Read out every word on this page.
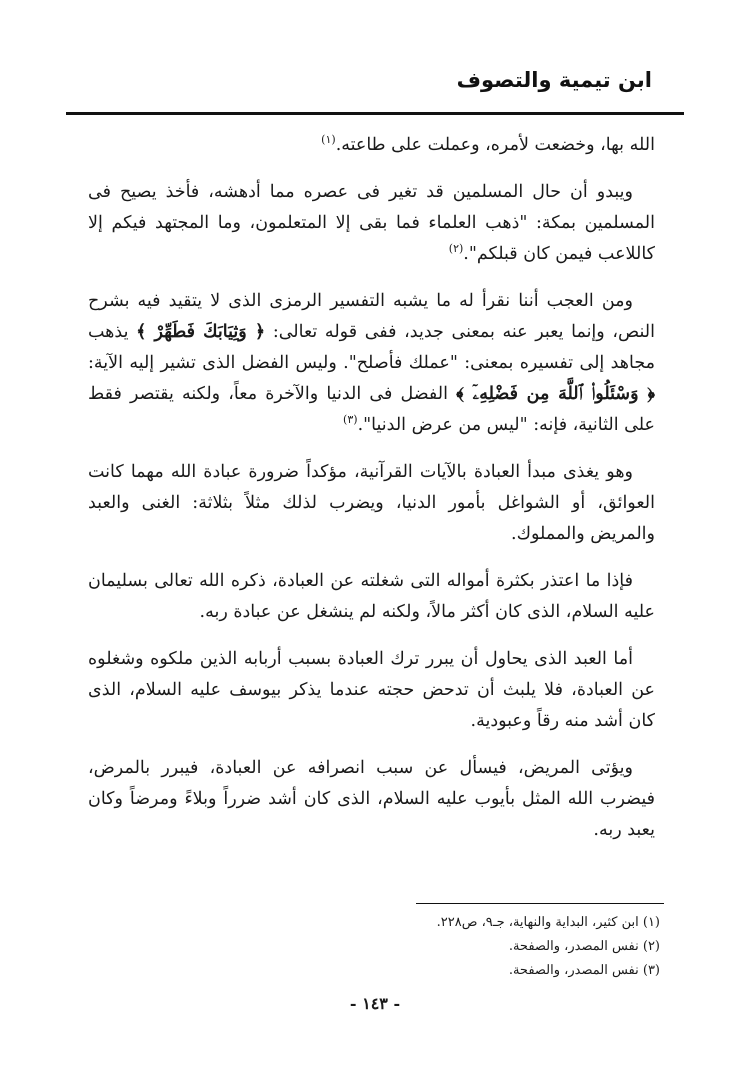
ابن تيمية والتصوف

الله بها، وخضعت لأمره، وعملت على طاعته.$^{(١)}$

ويبدو أن حال المسلمين قد تغير فى عصره مما أدهشه، فأخذ يصيح فى المسلمين بمكة: "ذهب العلماء فما بقى إلا المتعلمون، وما المجتهد فيكم إلا كاللاعب فيمن كان قبلكم".$^{(٢)}$

ومن العجب أننا نقرأ له ما يشبه التفسير الرمزى الذى لا يتقيد فيه بشرح النص، وإنما يعبر عنه بمعنى جديد، ففى قوله تعالى: ﴿ وَثِيَابَكَ فَطَهِّرْ ﴾ يذهب مجاهد إلى تفسيره بمعنى: "عملك فأصلح". وليس الفضل الذى تشير إليه الآية: ﴿ وَسْئَلُوا۟ ٱللَّهَ مِن فَضْلِهِۦٓ ﴾ الفضل فى الدنيا والآخرة معاً، ولكنه يقتصر فقط على الثانية، فإنه: "ليس من عرض الدنيا".$^{(٣)}$

وهو يغذى مبدأ العبادة بالآيات القرآنية، مؤكداً ضرورة عبادة الله مهما كانت العوائق، أو الشواغل بأمور الدنيا، ويضرب لذلك مثلاً بثلاثة: الغنى والعبد والمريض والمملوك.

فإذا ما اعتذر بكثرة أمواله التى شغلته عن العبادة، ذكره الله تعالى بسليمان عليه السلام، الذى كان أكثر مالاً، ولكنه لم ينشغل عن عبادة ربه.

أما العبد الذى يحاول أن يبرر ترك العبادة بسبب أربابه الذين ملكوه وشغلوه عن العبادة، فلا يلبث أن تدحض حجته عندما يذكر بيوسف عليه السلام، الذى كان أشد منه رقاً وعبودية.

ويؤتى المريض، فيسأل عن سبب انصرافه عن العبادة، فيبرر بالمرض، فيضرب الله المثل بأيوب عليه السلام، الذى كان أشد ضرراً وبلاءً ومرضاً وكان يعبد ربه.

(١) ابن كثير، البداية والنهاية، جـ٩، ص٢٢٨.

(٢) نفس المصدر، والصفحة.

(٣) نفس المصدر، والصفحة.

- ١٤٣ -
